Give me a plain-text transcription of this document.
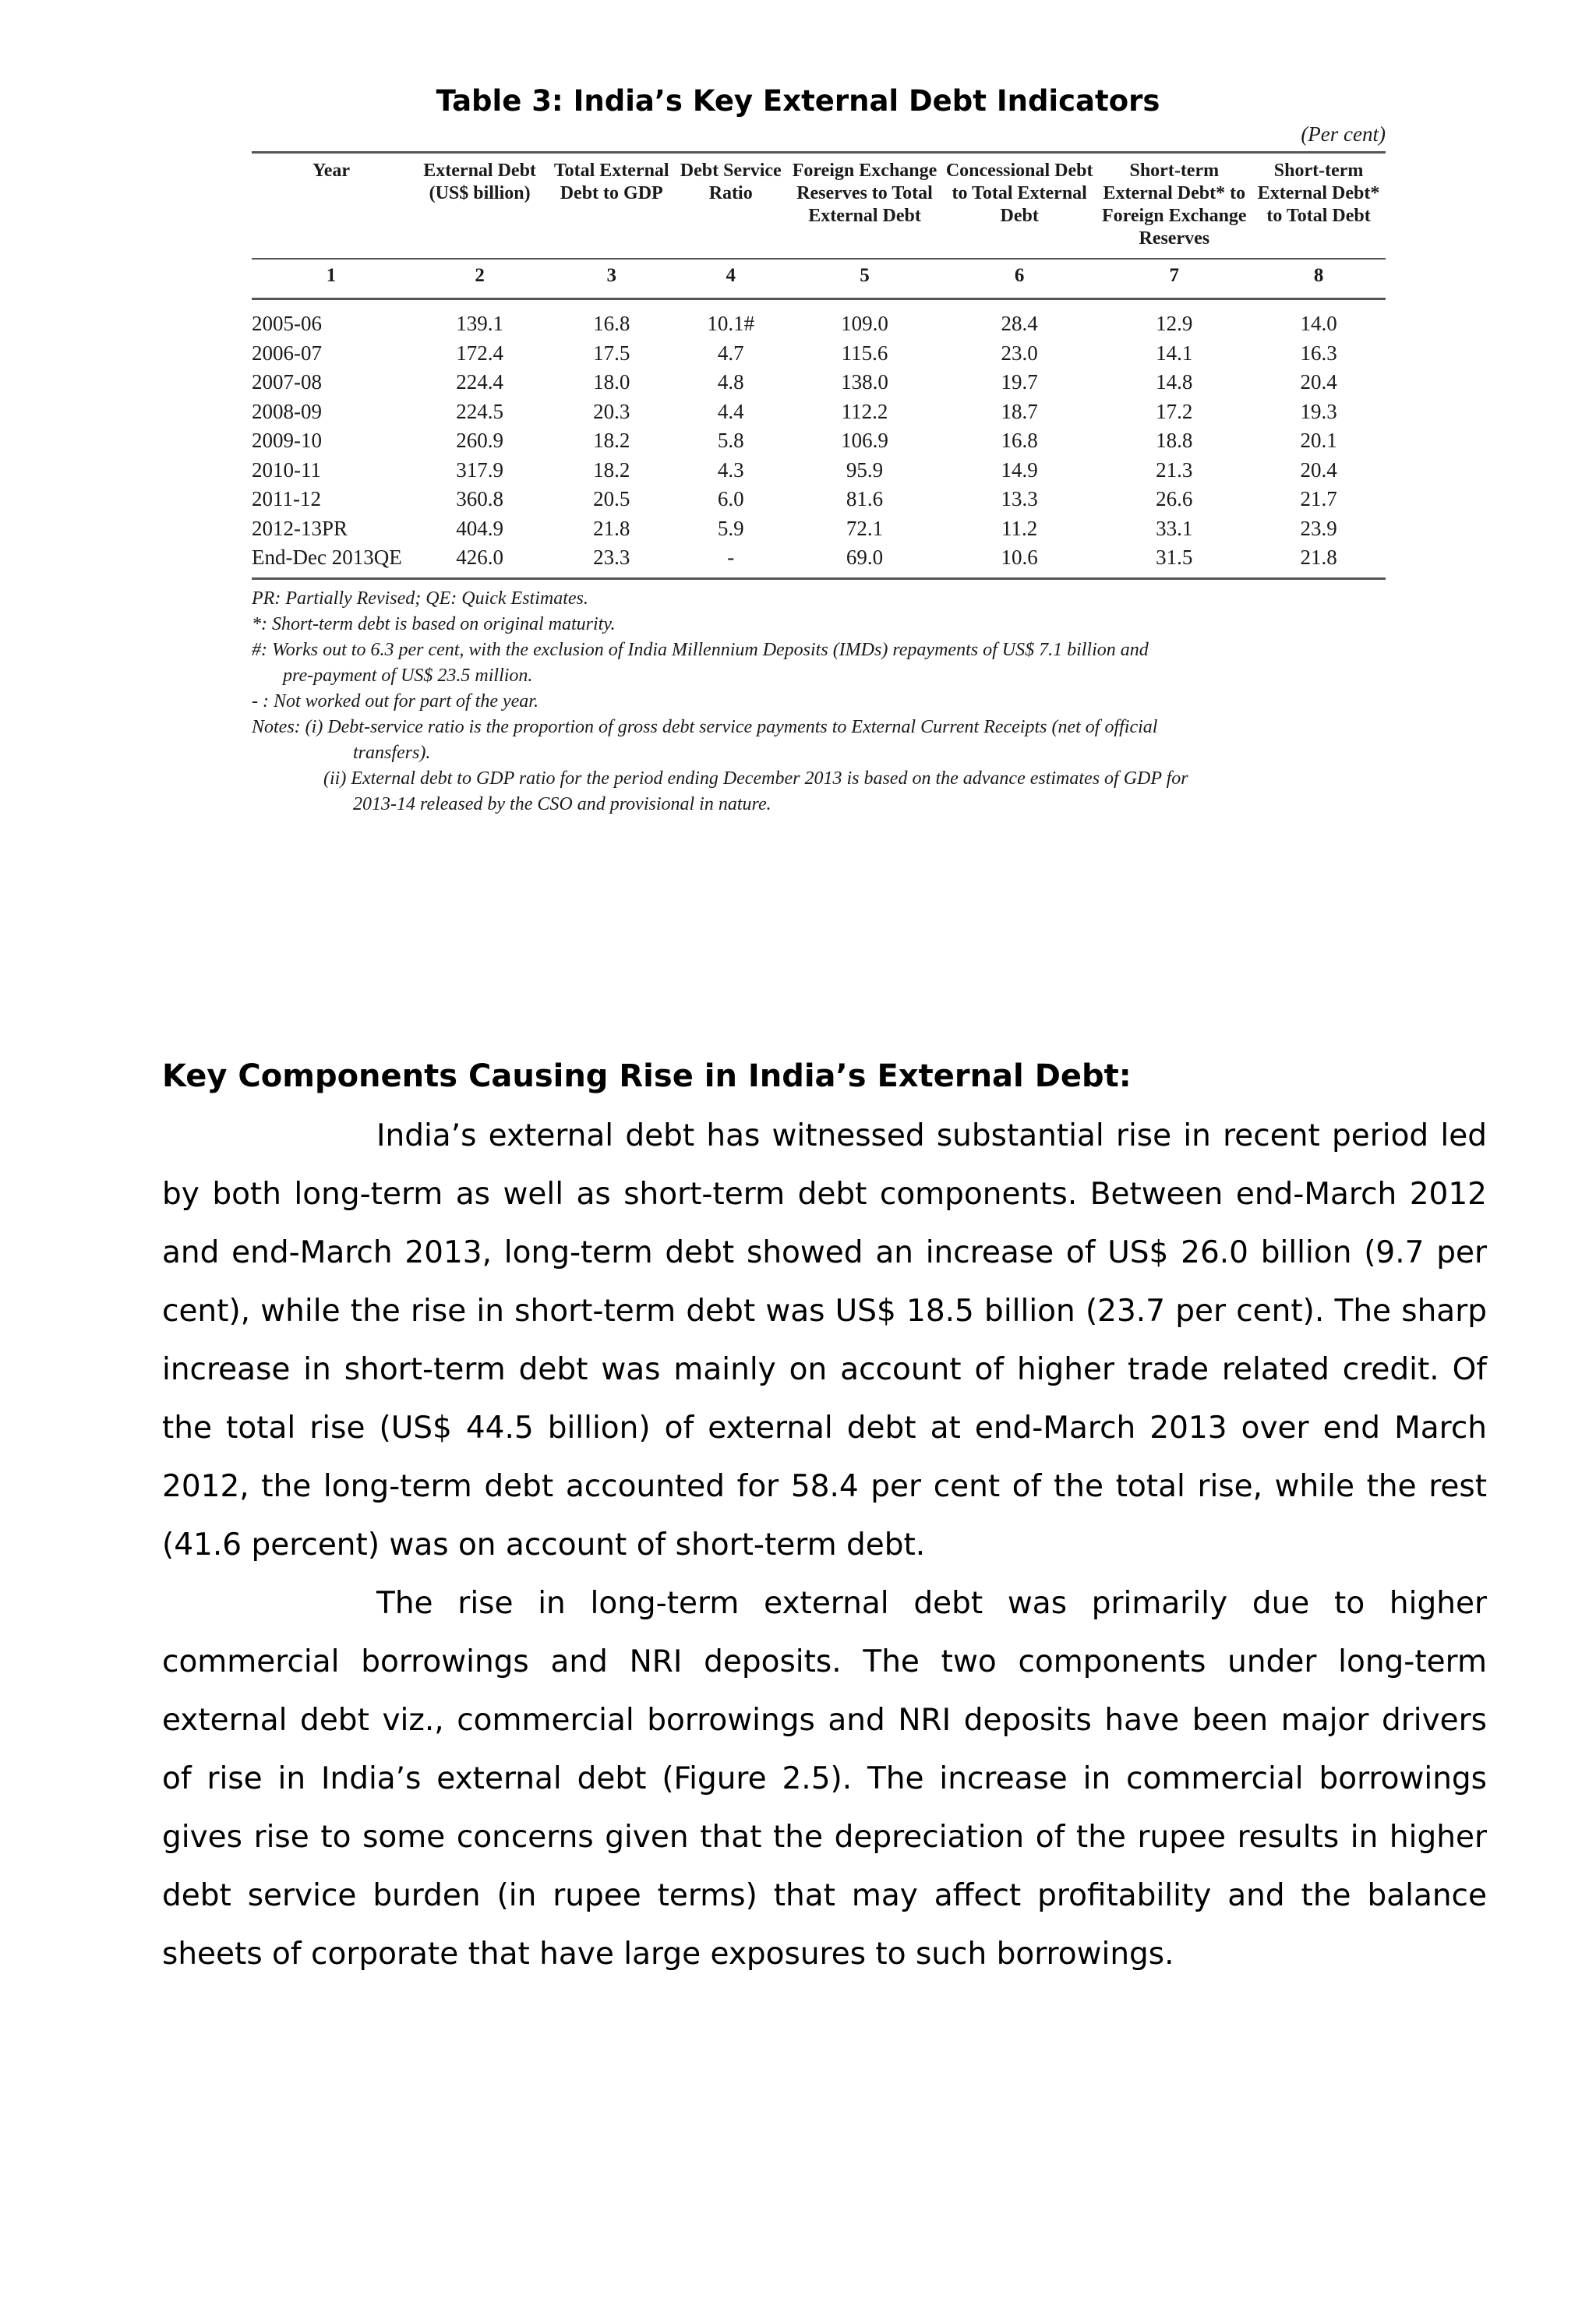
Table 3: India’s Key External Debt Indicators
(Per cent)
Year	External Debt (US$ billion)	Total External Debt to GDP	Debt Service Ratio	Foreign Exchange Reserves to Total External Debt	Concessional Debt to Total External Debt	Short-term External Debt* to Foreign Exchange Reserves	Short-term External Debt* to Total Debt
1	2	3	4	5	6	7	8
2005-06	139.1	16.8	10.1#	109.0	28.4	12.9	14.0
2006-07	172.4	17.5	4.7	115.6	23.0	14.1	16.3
2007-08	224.4	18.0	4.8	138.0	19.7	14.8	20.4
2008-09	224.5	20.3	4.4	112.2	18.7	17.2	19.3
2009-10	260.9	18.2	5.8	106.9	16.8	18.8	20.1
2010-11	317.9	18.2	4.3	95.9	14.9	21.3	20.4
2011-12	360.8	20.5	6.0	81.6	13.3	26.6	21.7
2012-13PR	404.9	21.8	5.9	72.1	11.2	33.1	23.9
End-Dec 2013QE	426.0	23.3	-	69.0	10.6	31.5	21.8

PR: Partially Revised; QE: Quick Estimates.

*: Short-term debt is based on original maturity.

#: Works out to 6.3 per cent, with the exclusion of India Millennium Deposits (IMDs) repayments of US$ 7.1 billion and

pre-payment of US$ 23.5 million.

- : Not worked out for part of the year.

Notes: (i) Debt-service ratio is the proportion of gross debt service payments to External Current Receipts (net of official

transfers).

(ii) External debt to GDP ratio for the period ending December 2013 is based on the advance estimates of GDP for

2013-14 released by the CSO and provisional in nature.

Key Components Causing Rise in India’s External Debt:

India’s external debt has witnessed substantial rise in recent period led by both long-term as well as short-term debt components. Between end-March 2012 and end-March 2013, long-term debt showed an increase of US$ 26.0 billion (9.7 per cent), while the rise in short-term debt was US$ 18.5 billion (23.7 per cent). The sharp increase in short-term debt was mainly on account of higher trade related credit. Of the total rise (US$ 44.5 billion) of external debt at end-March 2013 over end March 2012, the long-term debt accounted for 58.4 per cent of the total rise, while the rest (41.6 percent) was on account of short-term debt.

The rise in long-term external debt was primarily due to higher commercial borrowings and NRI deposits. The two components under long-term external debt viz., commercial borrowings and NRI deposits have been major drivers of rise in India’s external debt (Figure 2.5). The increase in commercial borrowings gives rise to some concerns given that the depreciation of the rupee results in higher debt service burden (in rupee terms) that may affect profitability and the balance sheets of corporate that have large exposures to such borrowings.
